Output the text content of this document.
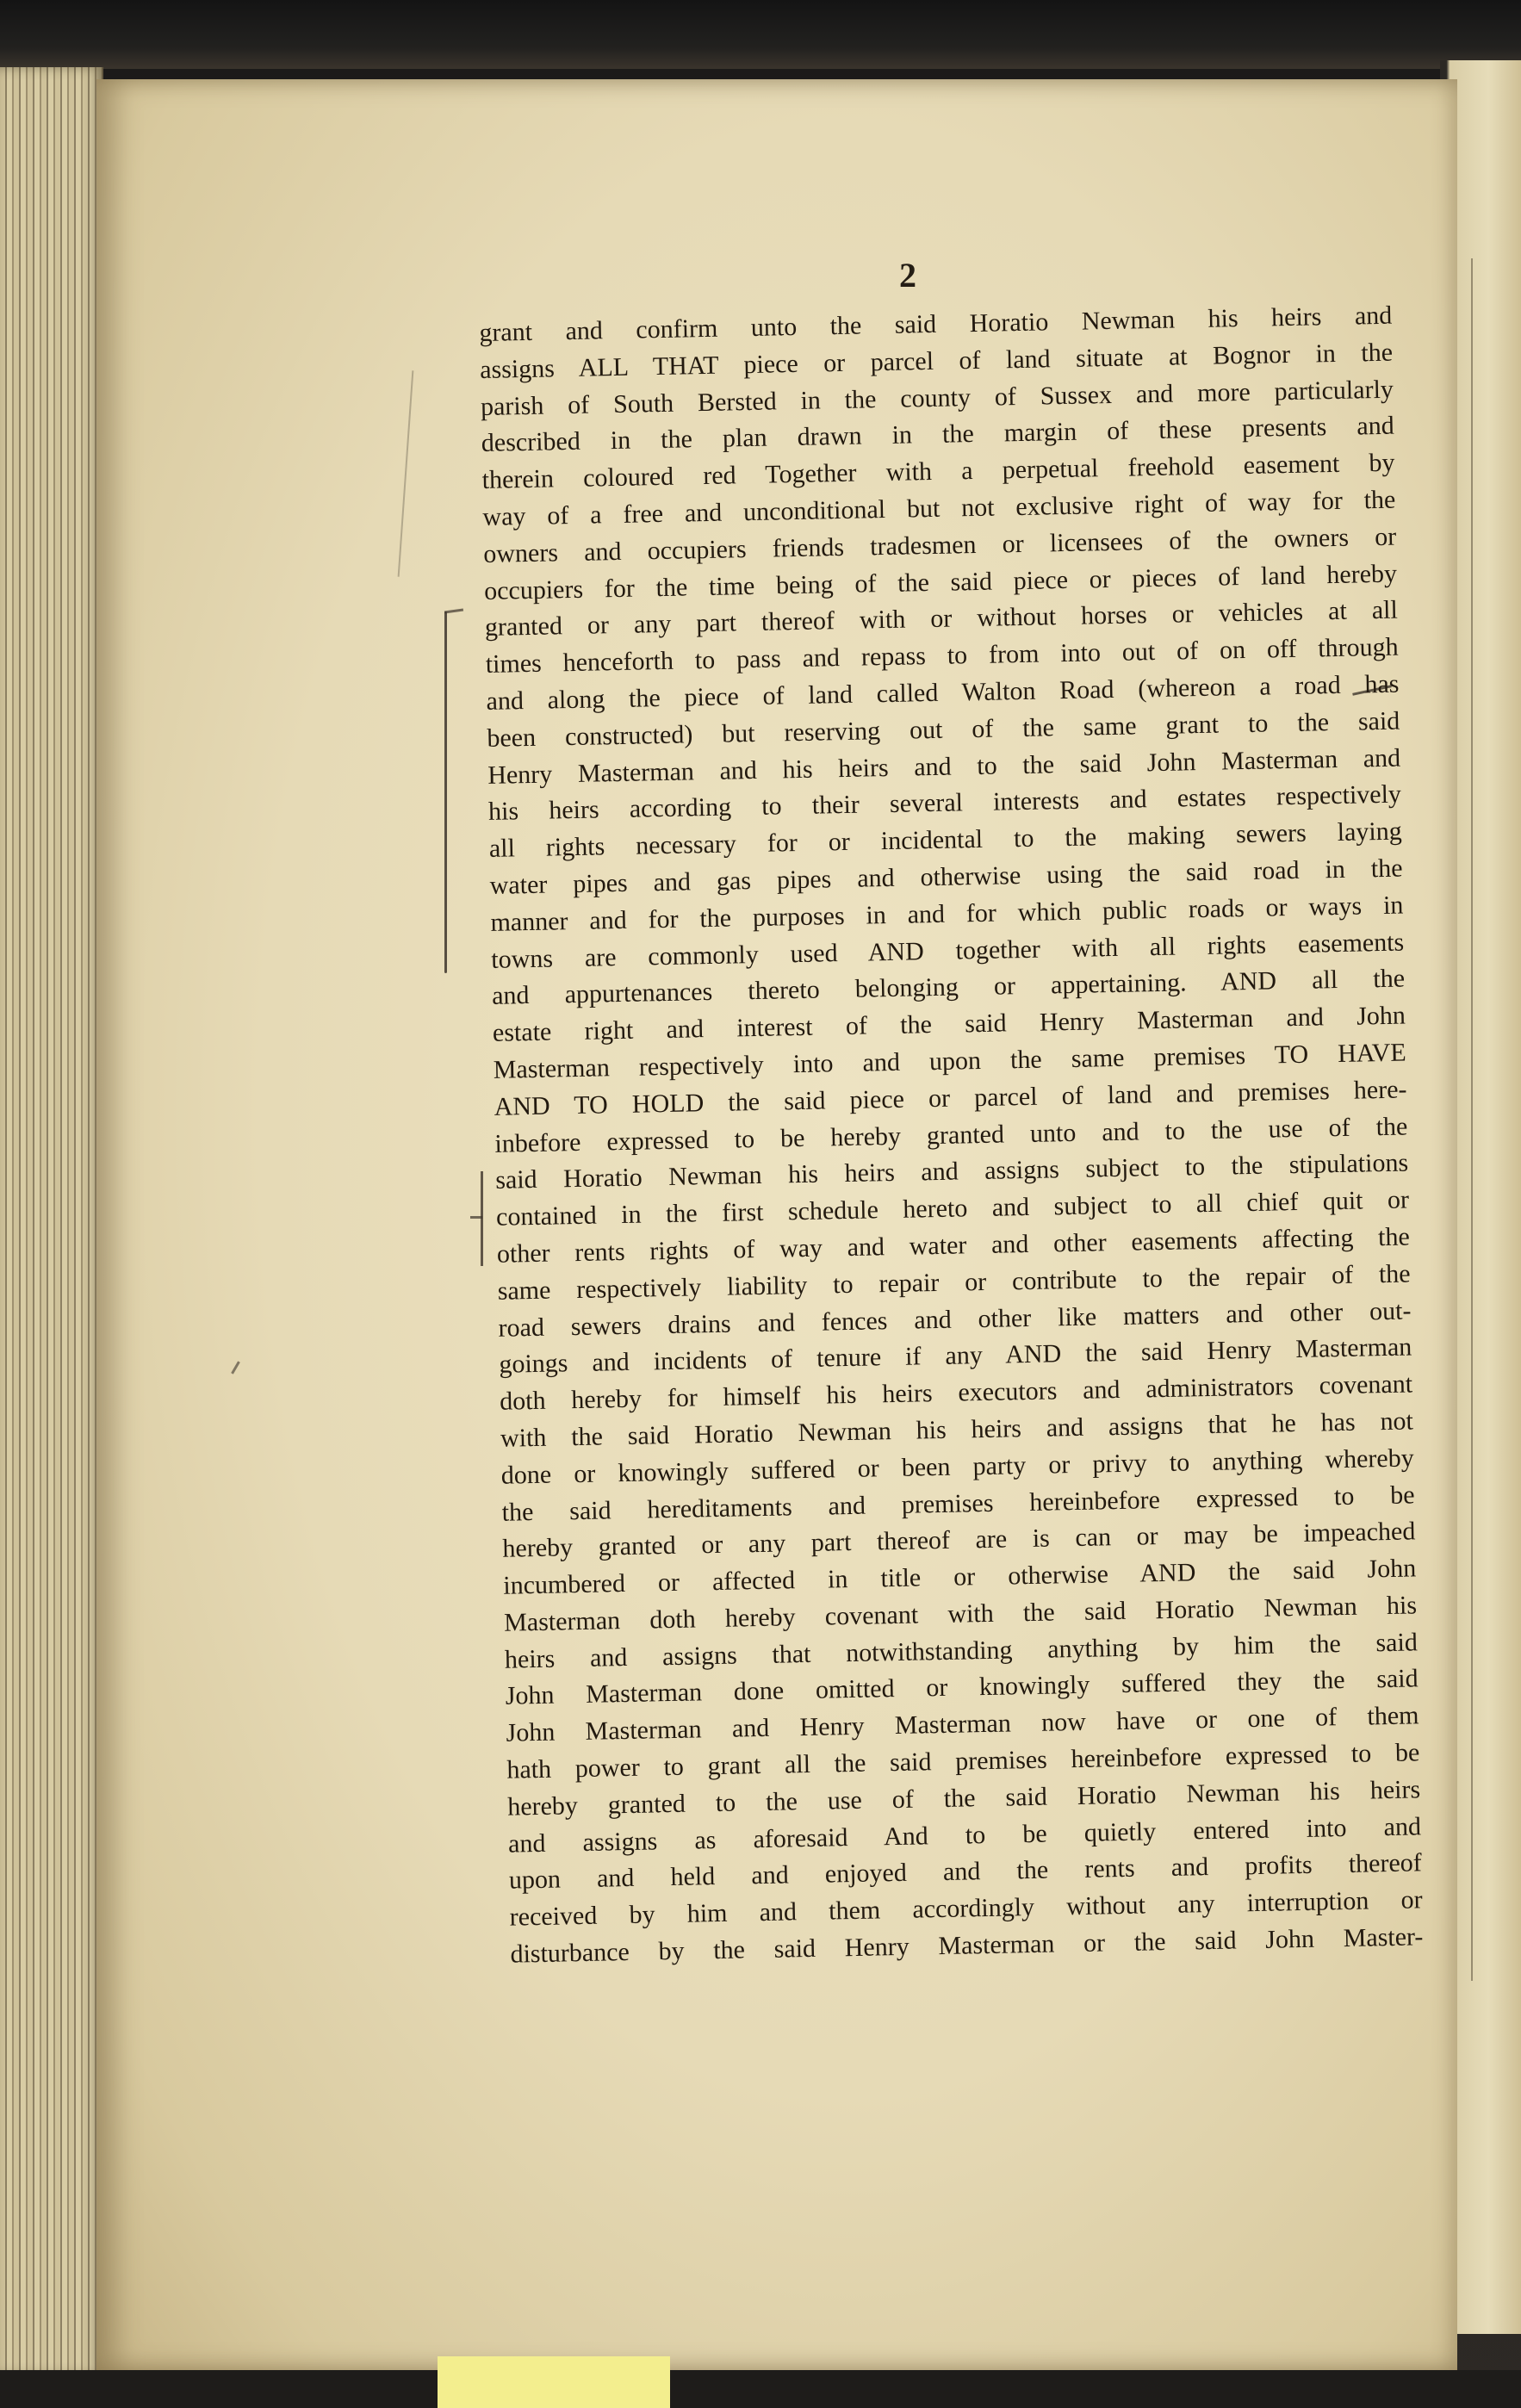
2
grant and confirm unto the said Horatio Newman his heirs and
assigns ALL THAT piece or parcel of land situate at Bognor in the
parish of South Bersted in the county of Sussex and more particularly
described in the plan drawn in the margin of these presents and
therein coloured red Together with a perpetual freehold easement by
way of a free and unconditional but not exclusive right of way for the
owners and occupiers friends tradesmen or licensees of the owners or
occupiers for the time being of the said piece or pieces of land hereby
granted or any part thereof with or without horses or vehicles at all
times henceforth to pass and repass to from into out of on off through
and along the piece of land called Walton Road (whereon a road has
been constructed) but reserving out of the same grant to the said
Henry Masterman and his heirs and to the said John Masterman and
his heirs according to their several interests and estates respectively
all rights necessary for or incidental to the making sewers laying
water pipes and gas pipes and otherwise using the said road in the
manner and for the purposes in and for which public roads or ways in
towns are commonly used AND together with all rights easements
and appurtenances thereto belonging or appertaining. AND all the
estate right and interest of the said Henry Masterman and John
Masterman respectively into and upon the same premises TO HAVE
AND TO HOLD the said piece or parcel of land and premises here-
inbefore expressed to be hereby granted unto and to the use of the
said Horatio Newman his heirs and assigns subject to the stipulations
contained in the first schedule hereto and subject to all chief quit or
other rents rights of way and water and other easements affecting the
same respectively liability to repair or contribute to the repair of the
road sewers drains and fences and other like matters and other out-
goings and incidents of tenure if any AND the said Henry Masterman
doth hereby for himself his heirs executors and administrators covenant
with the said Horatio Newman his heirs and assigns that he has not
done or knowingly suffered or been party or privy to anything whereby
the said hereditaments and premises hereinbefore expressed to be
hereby granted or any part thereof are is can or may be impeached
incumbered or affected in title or otherwise AND the said John
Masterman doth hereby covenant with the said Horatio Newman his
heirs and assigns that notwithstanding anything by him the said
John Masterman done omitted or knowingly suffered they the said
John Masterman and Henry Masterman now have or one of them
hath power to grant all the said premises hereinbefore expressed to be
hereby granted to the use of the said Horatio Newman his heirs
and assigns as aforesaid And to be quietly entered into and
upon and held and enjoyed and the rents and profits thereof
received by him and them accordingly without any interruption or
disturbance by the said Henry Masterman or the said John Master-
